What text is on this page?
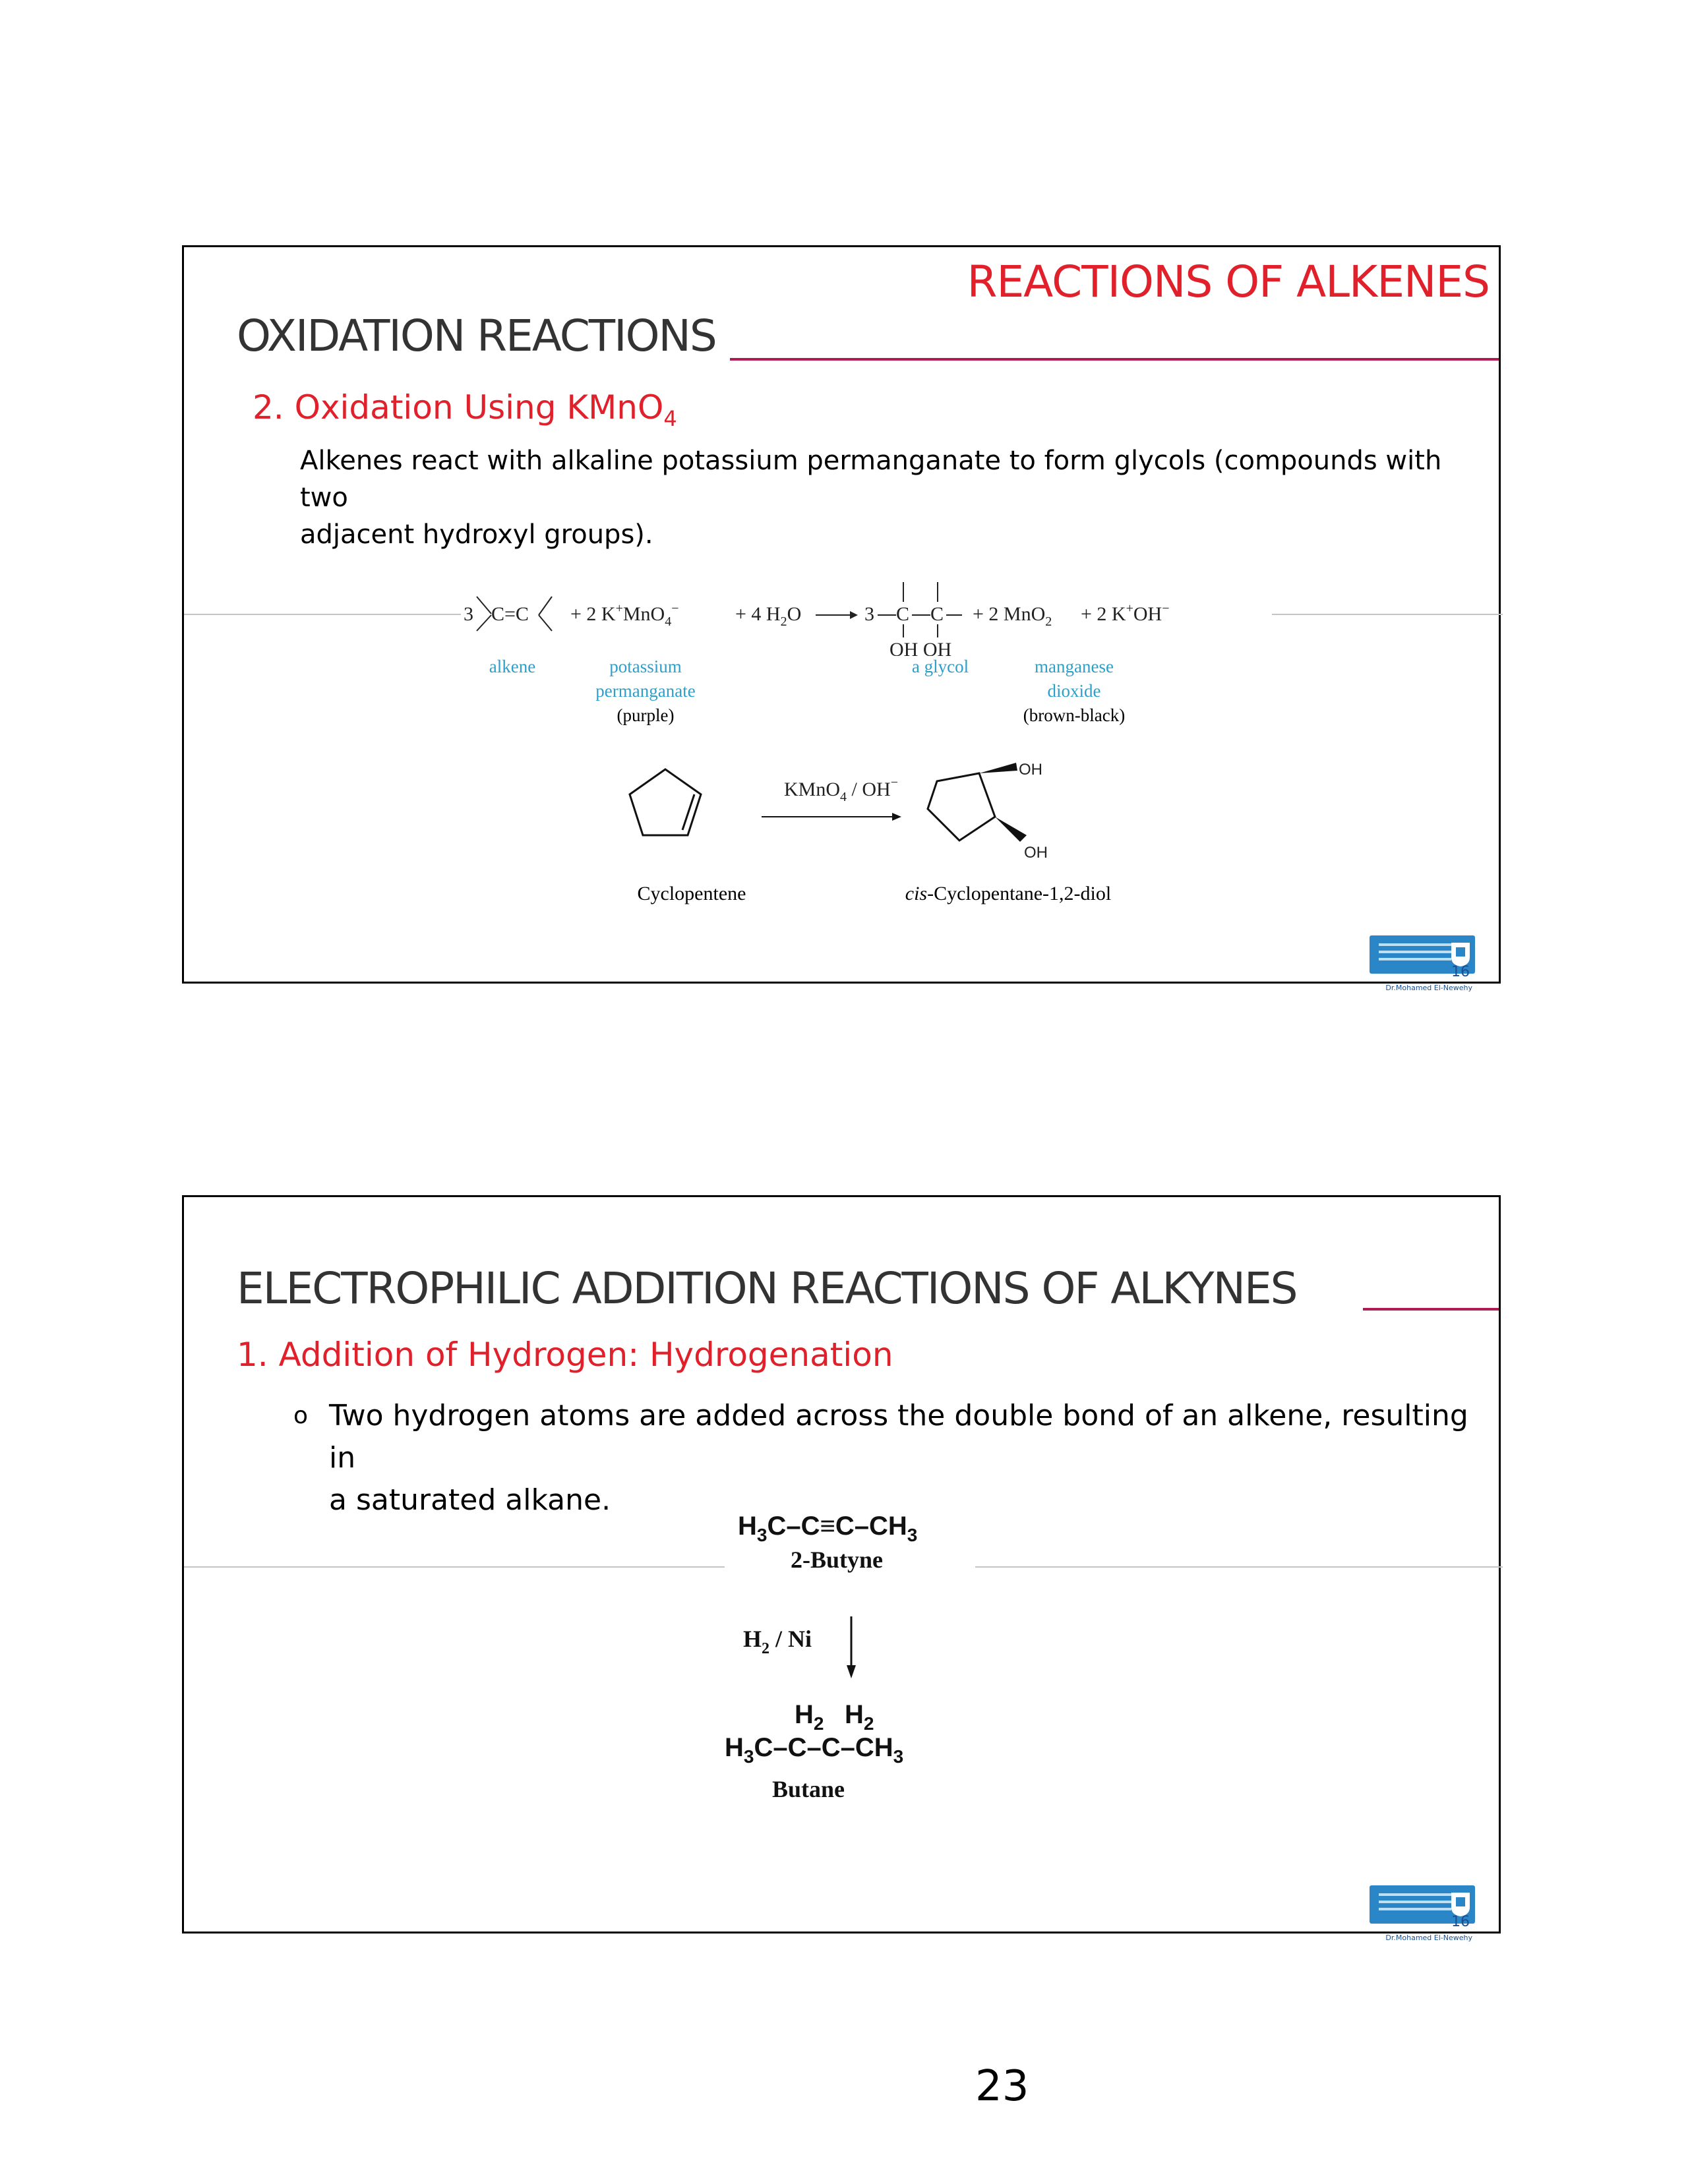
REACTIONS OF ALKENES
OXIDATION REACTIONS
2. Oxidation Using KMnO$_4$
Alkenes react with alkaline potassium permanganate to form glycols (compounds with two
adjacent hydroxyl groups).
3 C=C + 2 K+MnO$_4$−	+ 4 $H_2O$	3 C C
OH OH
+ 2 MnO$_2$ + 2 K+OH−
alkene	potassium
permanganate
(purple)
a glycol	manganese
dioxide
(brown-black)
KMnO$_4$ / OH−
OH
OH
Cyclopentene	cis-Cyclopentane-1,2-diol
16
Dr.Mohamed El-Newehy
ELECTROPHILIC ADDITION REACTIONS OF ALKYNES
1. Addition of Hydrogen: Hydrogenation
o Two hydrogen atoms are added across the double bond of an alkene, resulting in
a saturated alkane.
$H_3C-C\equiv C-CH_3$
2-Butyne
$H_2$ / Ni
$H_2$ $H_2$
$H_3C-C-C-CH_3$
Butane
16
Dr.Mohamed El-Newehy
23
